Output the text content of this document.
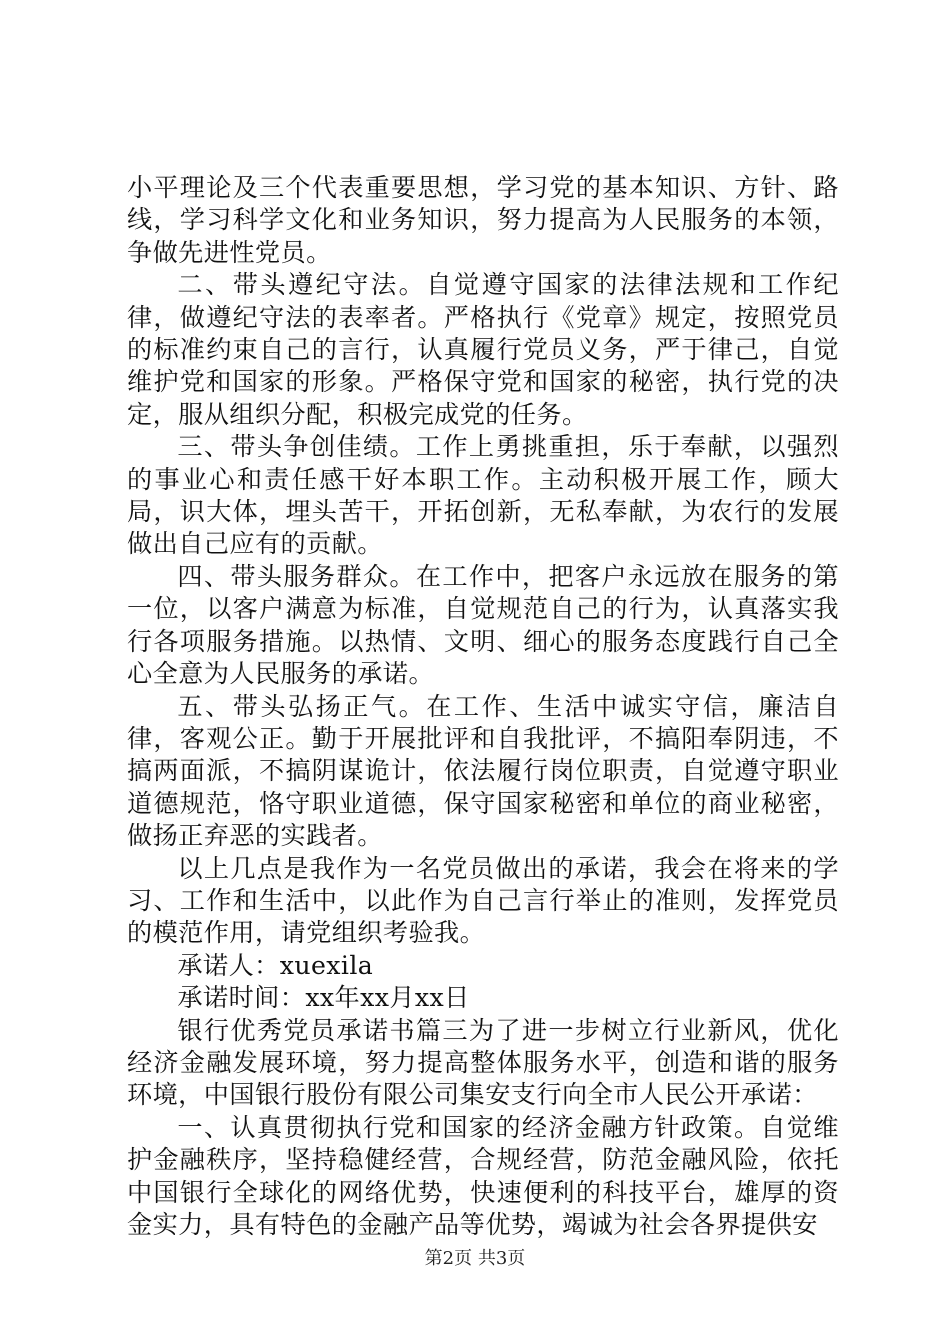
小平理论及三个代表重要思想，学习党的基本知识、方针、路线，学习科学文化和业务知识，努力提高为人民服务的本领，争做先进性党员。

二、带头遵纪守法。自觉遵守国家的法律法规和工作纪律，做遵纪守法的表率者。严格执行《党章》规定，按照党员的标准约束自己的言行，认真履行党员义务，严于律己，自觉维护党和国家的形象。严格保守党和国家的秘密，执行党的决定，服从组织分配，积极完成党的任务。

三、带头争创佳绩。工作上勇挑重担，乐于奉献，以强烈的事业心和责任感干好本职工作。主动积极开展工作，顾大局，识大体，埋头苦干，开拓创新，无私奉献，为农行的发展做出自己应有的贡献。

四、带头服务群众。在工作中，把客户永远放在服务的第一位，以客户满意为标准，自觉规范自己的行为，认真落实我行各项服务措施。以热情、文明、细心的服务态度践行自己全心全意为人民服务的承诺。

五、带头弘扬正气。在工作、生活中诚实守信，廉洁自律，客观公正。勤于开展批评和自我批评，不搞阳奉阴违，不搞两面派，不搞阴谋诡计，依法履行岗位职责，自觉遵守职业道德规范，恪守职业道德，保守国家秘密和单位的商业秘密，做扬正弃恶的实践者。

以上几点是我作为一名党员做出的承诺，我会在将来的学习、工作和生活中，以此作为自己言行举止的准则，发挥党员的模范作用，请党组织考验我。

承诺人：xuexila

承诺时间：xx年xx月xx日

银行优秀党员承诺书篇三为了进一步树立行业新风，优化经济金融发展环境，努力提高整体服务水平，创造和谐的服务环境，中国银行股份有限公司集安支行向全市人民公开承诺：

一、认真贯彻执行党和国家的经济金融方针政策。自觉维护金融秩序，坚持稳健经营，合规经营，防范金融风险，依托中国银行全球化的网络优势，快速便利的科技平台，雄厚的资金实力，具有特色的金融产品等优势，竭诚为社会各界提供安

第2页 共3页
